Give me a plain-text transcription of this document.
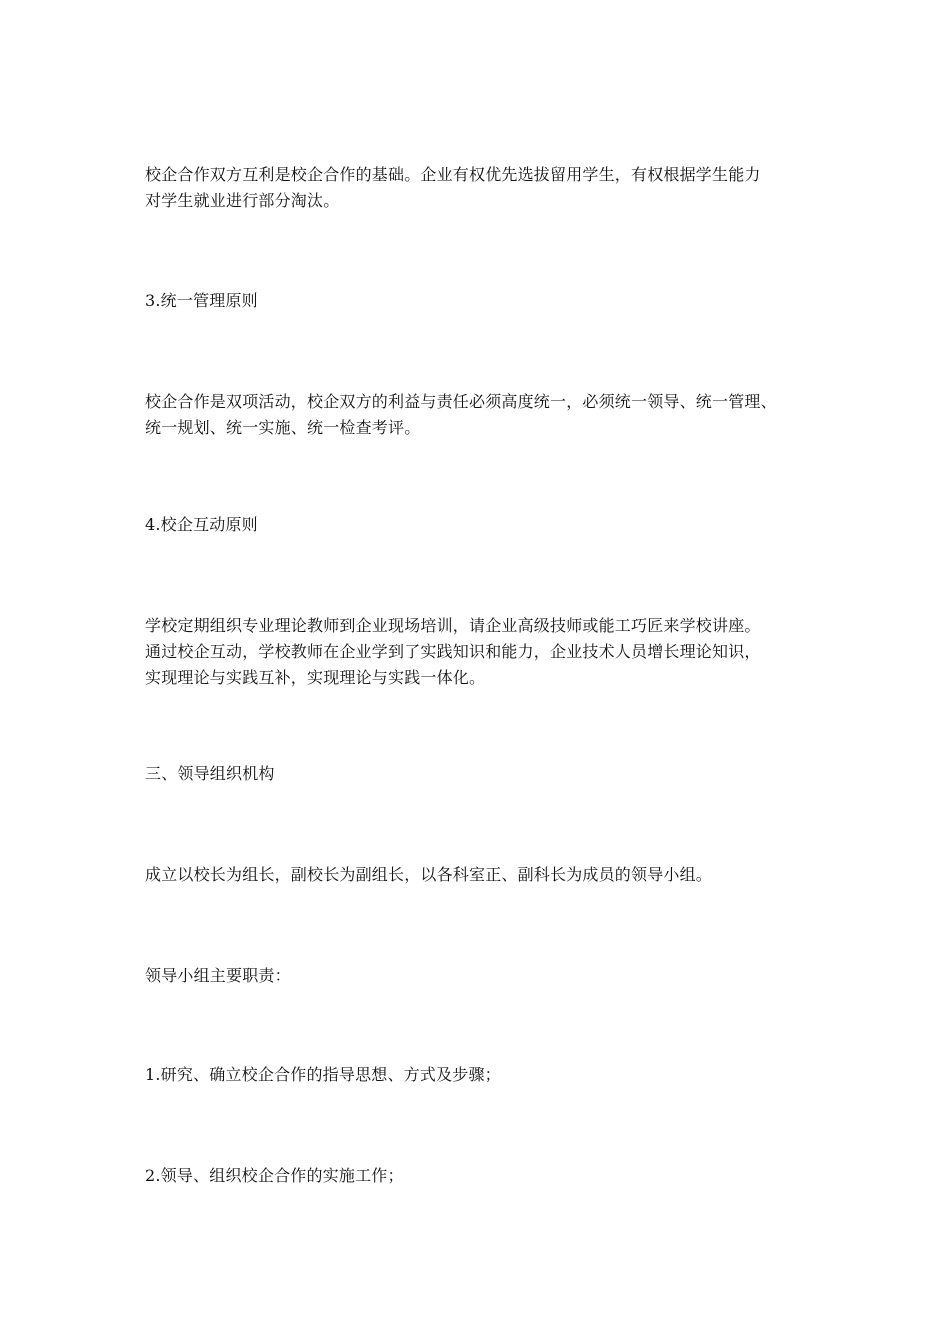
校企合作双方互利是校企合作的基础。企业有权优先选拔留用学生，有权根据学生能力
对学生就业进行部分淘汰。

3.统一管理原则

校企合作是双项活动，校企双方的利益与责任必须高度统一，必须统一领导、统一管理、
统一规划、统一实施、统一检查考评。

4.校企互动原则

学校定期组织专业理论教师到企业现场培训，请企业高级技师或能工巧匠来学校讲座。
通过校企互动，学校教师在企业学到了实践知识和能力，企业技术人员增长理论知识，
实现理论与实践互补，实现理论与实践一体化。

三、领导组织机构

成立以校长为组长，副校长为副组长，以各科室正、副科长为成员的领导小组。

领导小组主要职责：

1.研究、确立校企合作的指导思想、方式及步骤；

2.领导、组织校企合作的实施工作；
